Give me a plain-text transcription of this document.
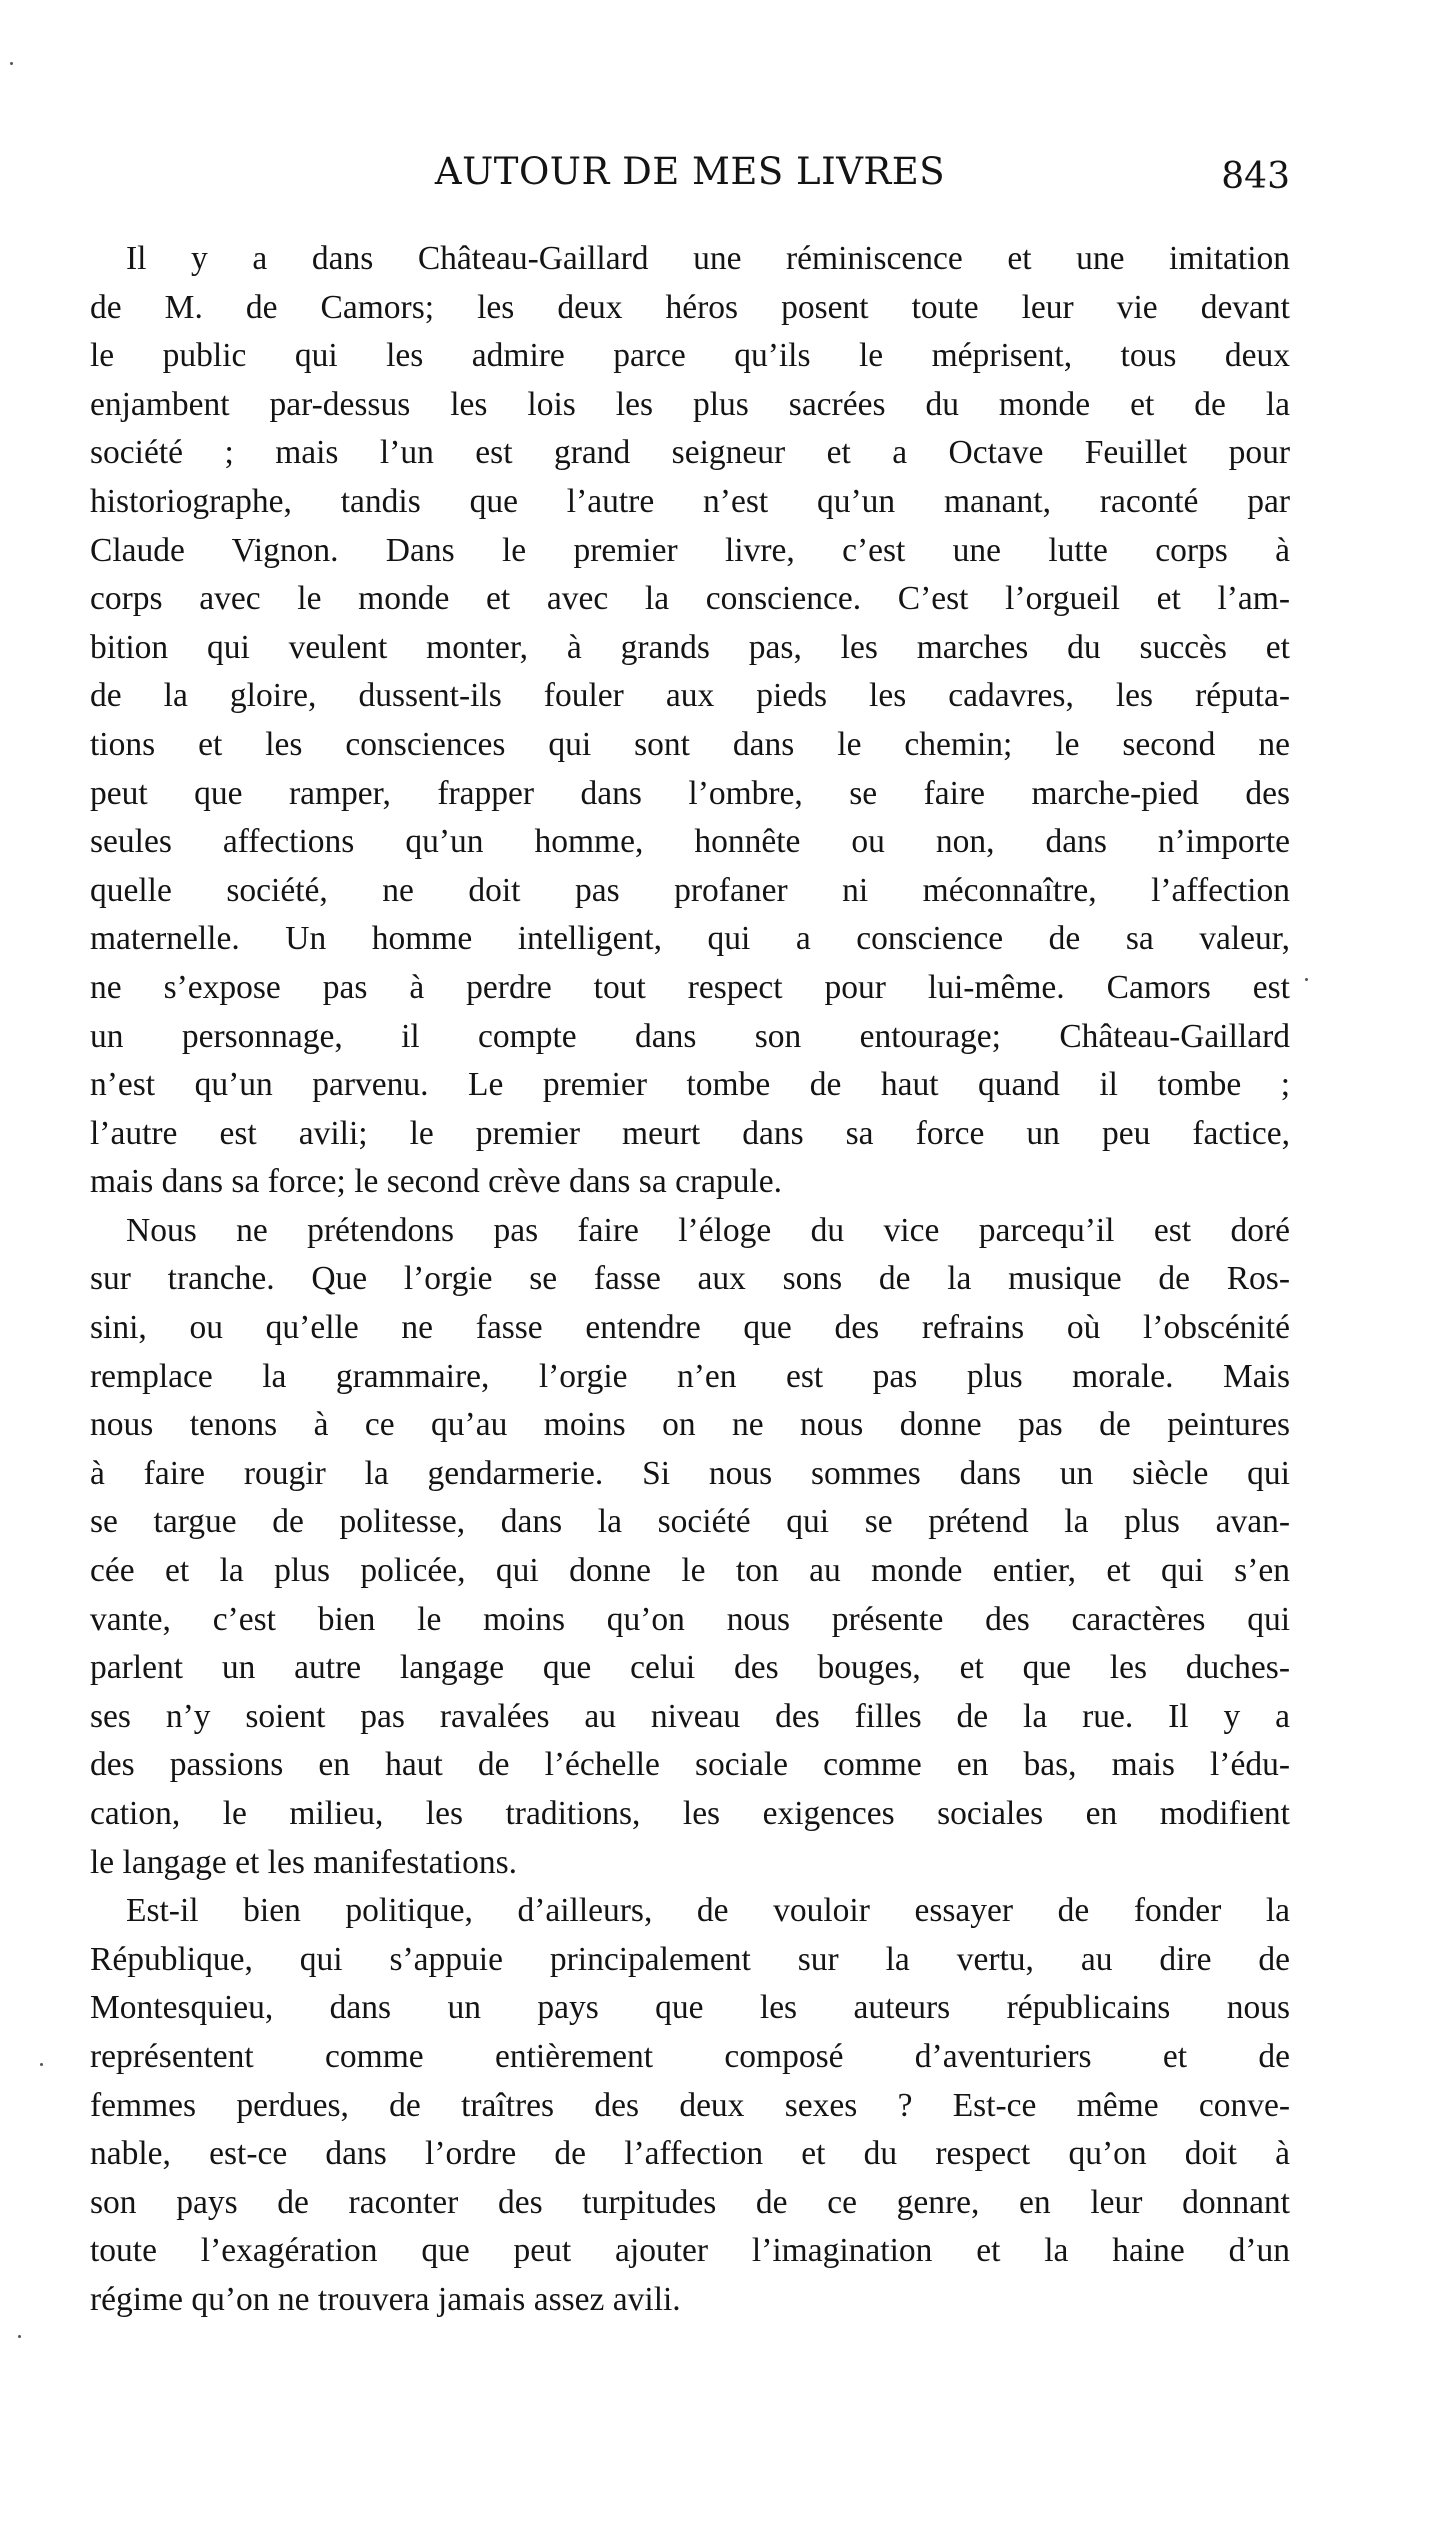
AUTOUR DE MES LIVRES	843
Il y a dans Château-Gaillard une réminiscence et une imitation
de M. de Camors; les deux héros posent toute leur vie devant
le public qui les admire parce qu’ils le méprisent, tous deux
enjambent par-dessus les lois les plus sacrées du monde et de la
société ; mais l’un est grand seigneur et a Octave Feuillet pour
historiographe, tandis que l’autre n’est qu’un manant, raconté par
Claude Vignon. Dans le premier livre, c’est une lutte corps à
corps avec le monde et avec la conscience. C’est l’orgueil et l’am-
bition qui veulent monter, à grands pas, les marches du succès et
de la gloire, dussent-ils fouler aux pieds les cadavres, les réputa-
tions et les consciences qui sont dans le chemin; le second ne
peut que ramper, frapper dans l’ombre, se faire marche-pied des
seules affections qu’un homme, honnête ou non, dans n’importe
quelle société, ne doit pas profaner ni méconnaître, l’affection
maternelle. Un homme intelligent, qui a conscience de sa valeur,
ne s’expose pas à perdre tout respect pour lui-même. Camors est
un personnage, il compte dans son entourage; Château-Gaillard
n’est qu’un parvenu. Le premier tombe de haut quand il tombe ;
l’autre est avili; le premier meurt dans sa force un peu factice,
mais dans sa force; le second crève dans sa crapule.
Nous ne prétendons pas faire l’éloge du vice parcequ’il est doré
sur tranche. Que l’orgie se fasse aux sons de la musique de Ros-
sini, ou qu’elle ne fasse entendre que des refrains où l’obscénité
remplace la grammaire, l’orgie n’en est pas plus morale. Mais
nous tenons à ce qu’au moins on ne nous donne pas de peintures
à faire rougir la gendarmerie. Si nous sommes dans un siècle qui
se targue de politesse, dans la société qui se prétend la plus avan-
cée et la plus policée, qui donne le ton au monde entier, et qui s’en
vante, c’est bien le moins qu’on nous présente des caractères qui
parlent un autre langage que celui des bouges, et que les duches-
ses n’y soient pas ravalées au niveau des filles de la rue. Il y a
des passions en haut de l’échelle sociale comme en bas, mais l’édu-
cation, le milieu, les traditions, les exigences sociales en modifient
le langage et les manifestations.
Est-il bien politique, d’ailleurs, de vouloir essayer de fonder la
République, qui s’appuie principalement sur la vertu, au dire de
Montesquieu, dans un pays que les auteurs républicains nous
représentent comme entièrement composé d’aventuriers et de
femmes perdues, de traîtres des deux sexes ? Est-ce même conve-
nable, est-ce dans l’ordre de l’affection et du respect qu’on doit à
son pays de raconter des turpitudes de ce genre, en leur donnant
toute l’exagération que peut ajouter l’imagination et la haine d’un
régime qu’on ne trouvera jamais assez avili.
